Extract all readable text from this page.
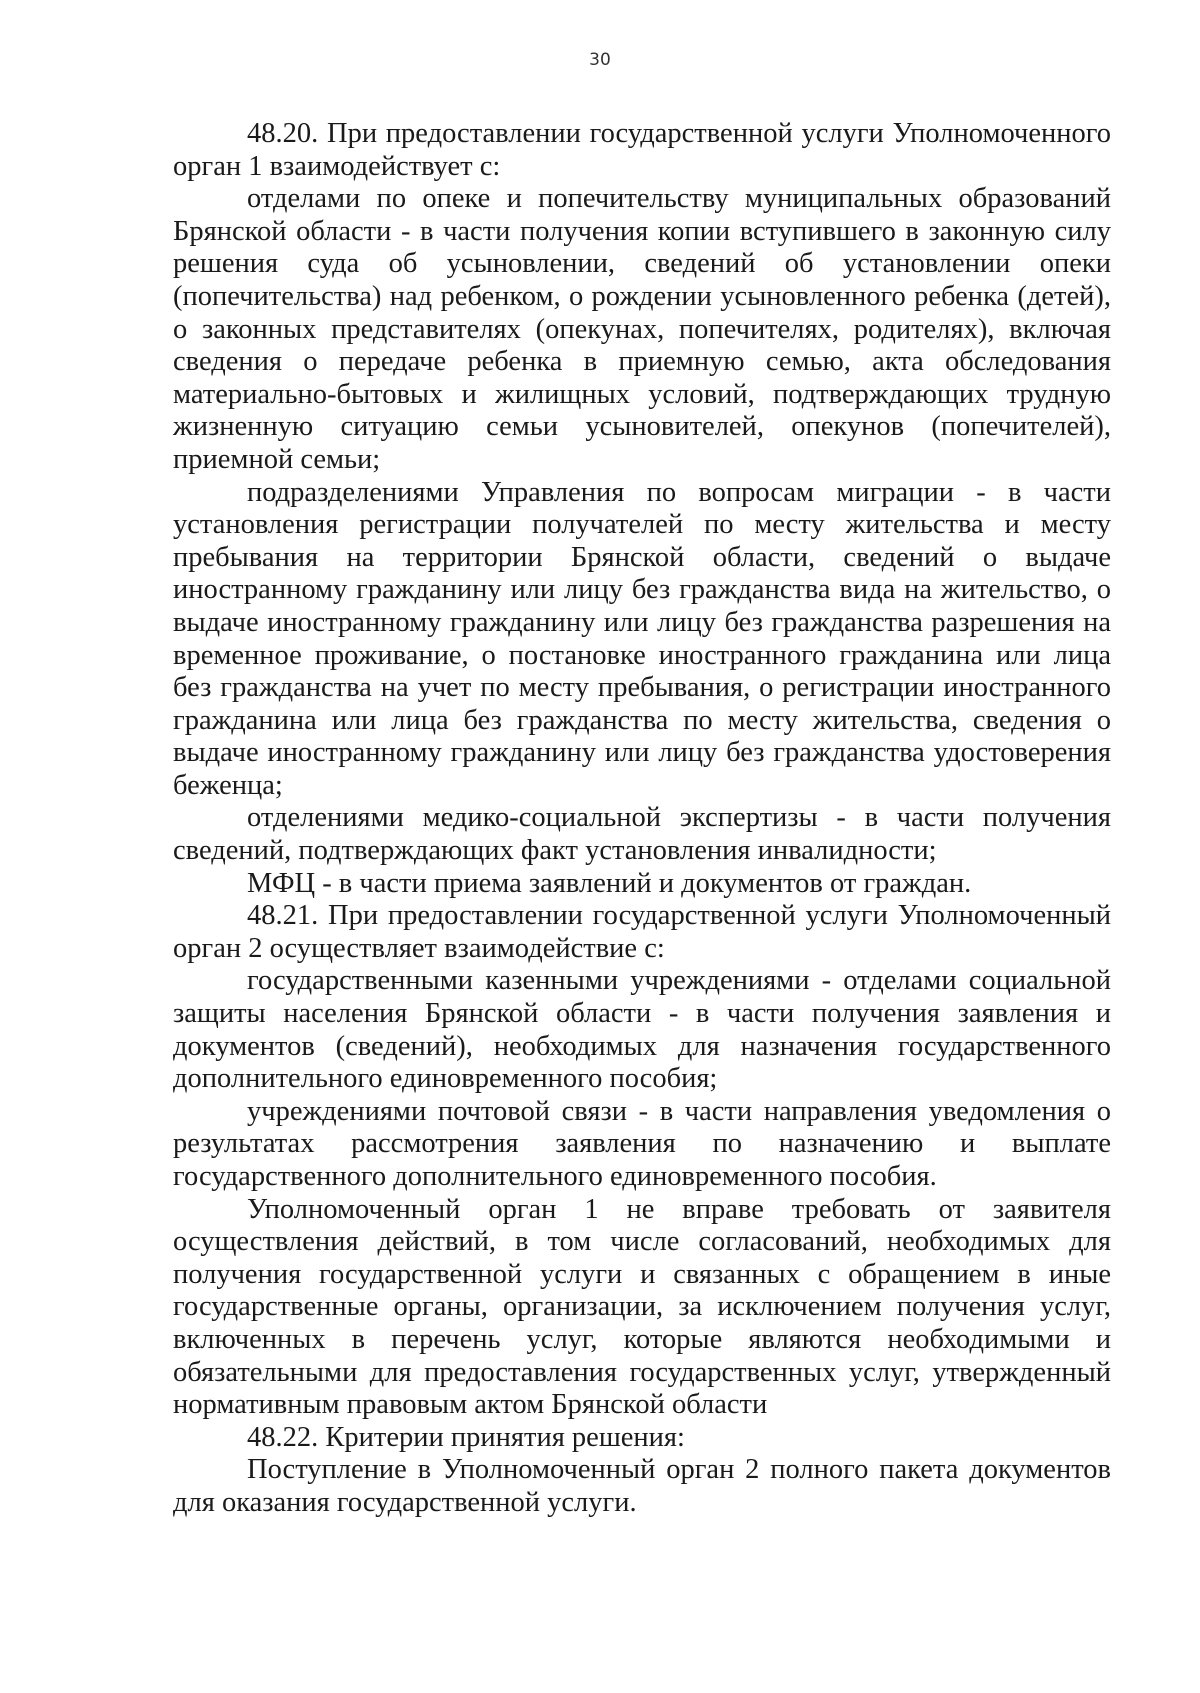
30

48.20. При предоставлении государственной услуги Уполномоченного орган 1 взаимодействует с:

отделами по опеке и попечительству муниципальных образований Брянской области - в части получения копии вступившего в законную силу решения суда об усыновлении, сведений об установлении опеки (попечительства) над ребенком, о рождении усыновленного ребенка (детей), о законных представителях (опекунах, попечителях, родителях), включая сведения о передаче ребенка в приемную семью, акта обследования материально-бытовых и жилищных условий, подтверждающих трудную жизненную ситуацию семьи усыновителей, опекунов (попечителей), приемной семьи;

подразделениями Управления по вопросам миграции - в части установления регистрации получателей по месту жительства и месту пребывания на территории Брянской области, сведений о выдаче иностранному гражданину или лицу без гражданства вида на жительство, о выдаче иностранному гражданину или лицу без гражданства разрешения на временное проживание, о постановке иностранного гражданина или лица без гражданства на учет по месту пребывания, о регистрации иностранного гражданина или лица без гражданства по месту жительства, сведения о выдаче иностранному гражданину или лицу без гражданства удостоверения беженца;

отделениями медико-социальной экспертизы - в части получения сведений, подтверждающих факт установления инвалидности;

МФЦ - в части приема заявлений и документов от граждан.

48.21. При предоставлении государственной услуги Уполномоченный орган 2 осуществляет взаимодействие с:

государственными казенными учреждениями - отделами социальной защиты населения Брянской области - в части получения заявления и документов (сведений), необходимых для назначения государственного дополнительного единовременного пособия;

учреждениями почтовой связи - в части направления уведомления о результатах рассмотрения заявления по назначению и выплате государственного дополнительного единовременного пособия.

Уполномоченный орган 1 не вправе требовать от заявителя осуществления действий, в том числе согласований, необходимых для получения государственной услуги и связанных с обращением в иные государственные органы, организации, за исключением получения услуг, включенных в перечень услуг, которые являются необходимыми и обязательными для предоставления государственных услуг, утвержденный нормативным правовым актом Брянской области

48.22. Критерии принятия решения:

Поступление в Уполномоченный орган 2 полного пакета документов для оказания государственной услуги.
